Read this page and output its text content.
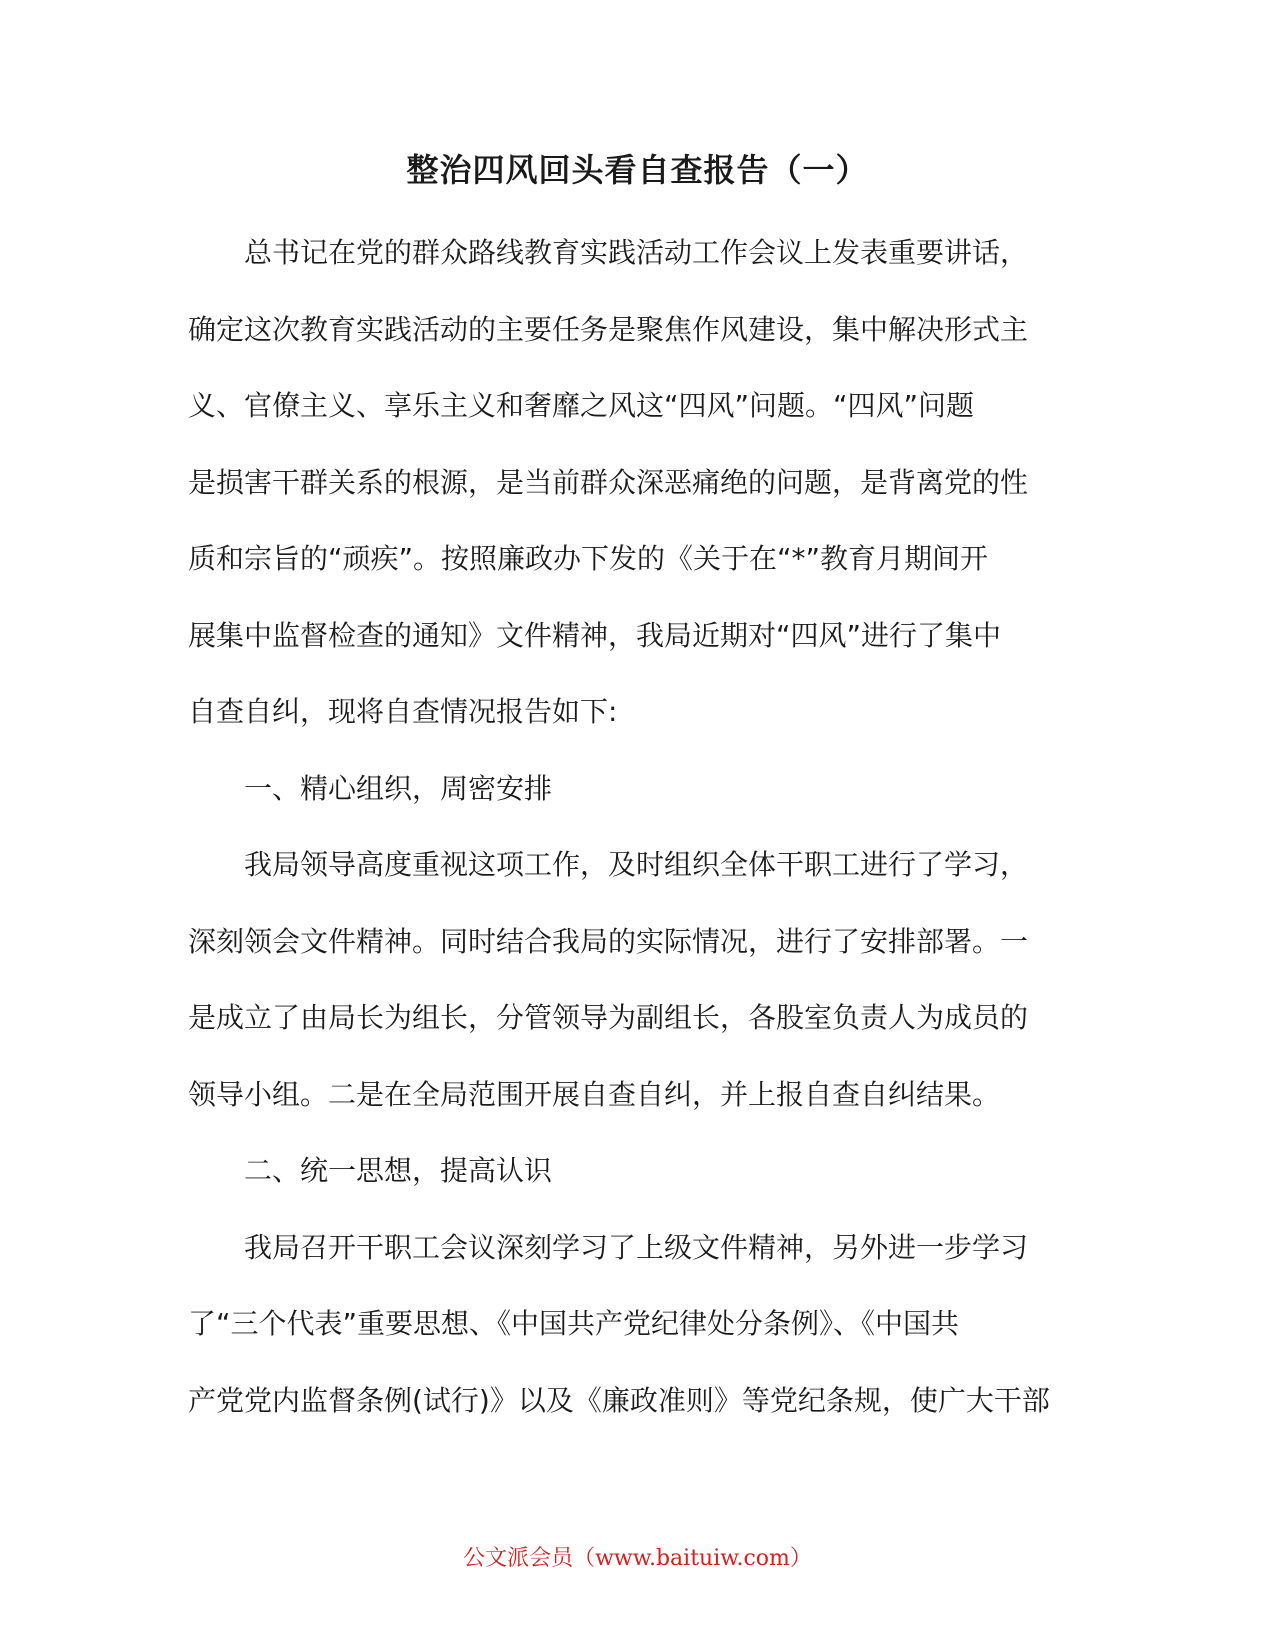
整治四风回头看自查报告（一）

总书记在党的群众路线教育实践活动工作会议上发表重要讲话，

确定这次教育实践活动的主要任务是聚焦作风建设，集中解决形式主

义、官僚主义、享乐主义和奢靡之风这“四风”问题。“四风”问题

是损害干群关系的根源，是当前群众深恶痛绝的问题，是背离党的性

质和宗旨的“顽疾”。按照廉政办下发的《关于在“*”教育月期间开

展集中监督检查的通知》文件精神，我局近期对“四风”进行了集中

自查自纠，现将自查情况报告如下:

一、精心组织，周密安排

我局领导高度重视这项工作，及时组织全体干职工进行了学习，

深刻领会文件精神。同时结合我局的实际情况，进行了安排部署。一

是成立了由局长为组长，分管领导为副组长，各股室负责人为成员的

领导小组。二是在全局范围开展自查自纠，并上报自查自纠结果。

二、统一思想，提高认识

我局召开干职工会议深刻学习了上级文件精神，另外进一步学习

了“三个代表”重要思想、《中国共产党纪律处分条例》、《中国共

产党党内监督条例(试行)》以及《廉政准则》等党纪条规，使广大干部

公文派会员（www.baituiw.com）
